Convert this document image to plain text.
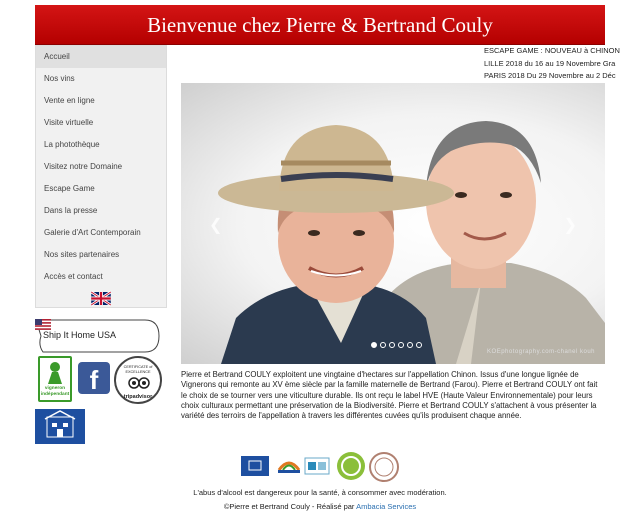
Bienvenue chez Pierre & Bertrand Couly
Accueil
Nos vins
Vente en ligne
Visite virtuelle
La photothèque
Visitez notre Domaine
Escape Game
Dans la presse
Galerie d'Art Contemporain
Nos sites partenaires
Accès et contact
ESCAPE GAME : NOUVEAU à CHINON
LILLE 2018 du 16 au 19 Novembre Gra
PARIS 2018 Du 29 Novembre au 2 Déc
❮	❯
KOEphotography.com-chanel kouh

Pierre et Bertrand COULY exploitent une vingtaine d'hectares sur l'appellation Chinon. Issus d'une longue lignée de Vignerons qui remonte au XV ème siècle par la famille maternelle de Bertrand (Farou). Pierre et Bertrand COULY ont fait le choix de se tourner vers une viticulture durable. Ils ont reçu le label HVE (Haute Valeur Environnementale) pour leurs choix culturaux permettant une préservation de la Biodiversité. Pierre et Bertrand COULY s'attachent à vous présenter la variété des terroirs de l'appellation à travers les différentes cuvées qu'ils produisent chaque année.

Ship It Home USA
vigneron indépendant f	CERTIFICATE of EXCELLENCE
tripadvisor
L'abus d'alcool est dangereux pour la santé, à consommer avec modération.
©Pierre et Bertrand Couly - Réalisé par Ambacia Services
